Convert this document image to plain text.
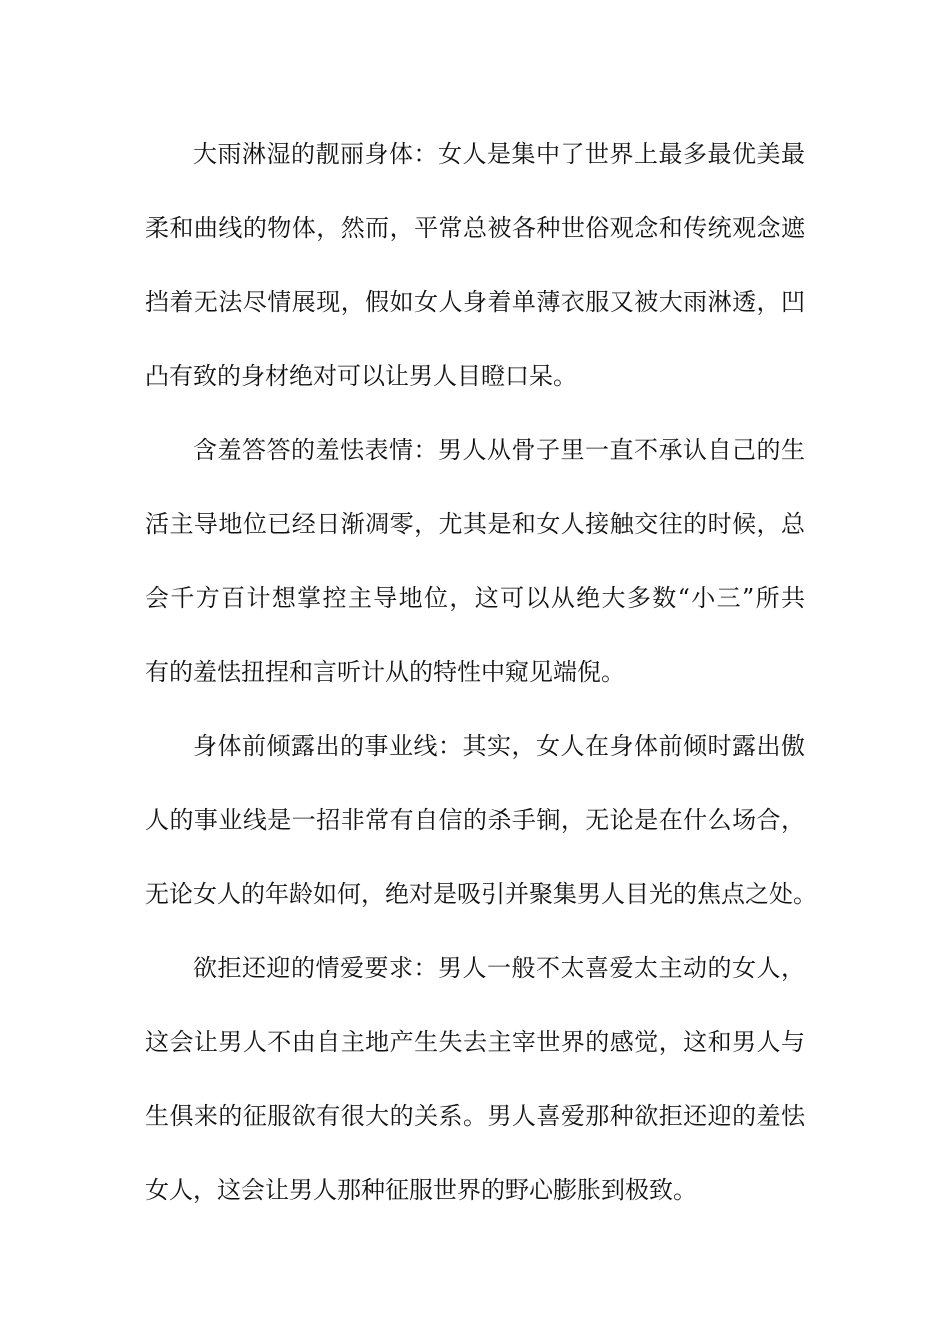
大雨淋湿的靓丽身体：女人是集中了世界上最多最优美最
柔和曲线的物体，然而，平常总被各种世俗观念和传统观念遮
挡着无法尽情展现，假如女人身着单薄衣服又被大雨淋透，凹
凸有致的身材绝对可以让男人目瞪口呆。
含羞答答的羞怯表情：男人从骨子里一直不承认自己的生
活主导地位已经日渐凋零，尤其是和女人接触交往的时候，总
会千方百计想掌控主导地位，这可以从绝大多数“小三”所共
有的羞怯扭捏和言听计从的特性中窥见端倪。
身体前倾露出的事业线：其实，女人在身体前倾时露出傲
人的事业线是一招非常有自信的杀手锏，无论是在什么场合，
无论女人的年龄如何，绝对是吸引并聚集男人目光的焦点之处。
欲拒还迎的情爱要求：男人一般不太喜爱太主动的女人，
这会让男人不由自主地产生失去主宰世界的感觉，这和男人与
生俱来的征服欲有很大的关系。男人喜爱那种欲拒还迎的羞怯
女人，这会让男人那种征服世界的野心膨胀到极致。
